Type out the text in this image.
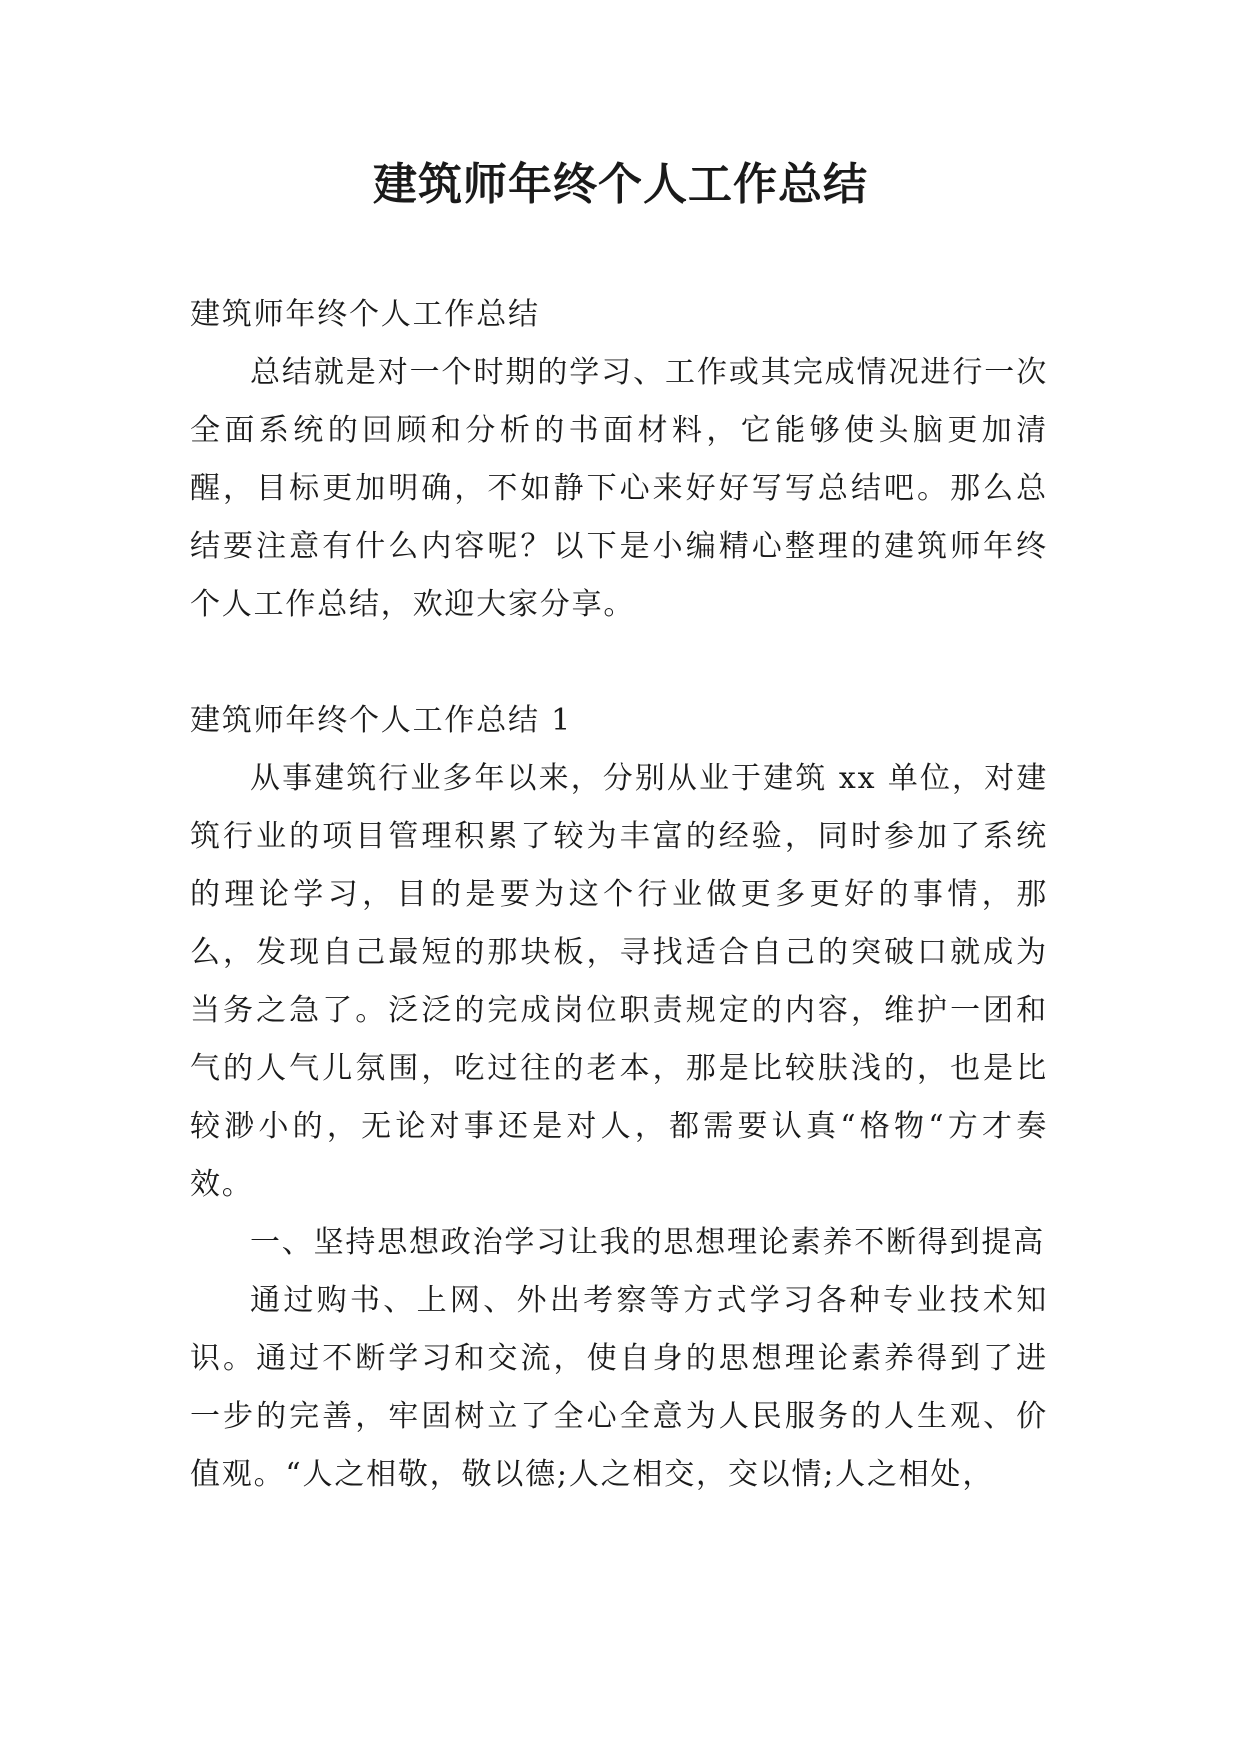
建筑师年终个人工作总结

建筑师年终个人工作总结

总结就是对一个时期的学习、工作或其完成情况进行一次全面系统的回顾和分析的书面材料，它能够使头脑更加清醒，目标更加明确，不如静下心来好好写写总结吧。那么总结要注意有什么内容呢？以下是小编精心整理的建筑师年终个人工作总结，欢迎大家分享。

建筑师年终个人工作总结 1

从事建筑行业多年以来，分别从业于建筑 xx 单位，对建筑行业的项目管理积累了较为丰富的经验，同时参加了系统的理论学习，目的是要为这个行业做更多更好的事情，那么，发现自己最短的那块板，寻找适合自己的突破口就成为当务之急了。泛泛的完成岗位职责规定的内容，维护一团和气的人气儿氛围，吃过往的老本，那是比较肤浅的，也是比较渺小的，无论对事还是对人，都需要认真“格物“方才奏效。

一、坚持思想政治学习让我的思想理论素养不断得到提高

通过购书、上网、外出考察等方式学习各种专业技术知识。通过不断学习和交流，使自身的思想理论素养得到了进一步的完善，牢固树立了全心全意为人民服务的人生观、价值观。“人之相敬，敬以德;人之相交，交以情;人之相处，
